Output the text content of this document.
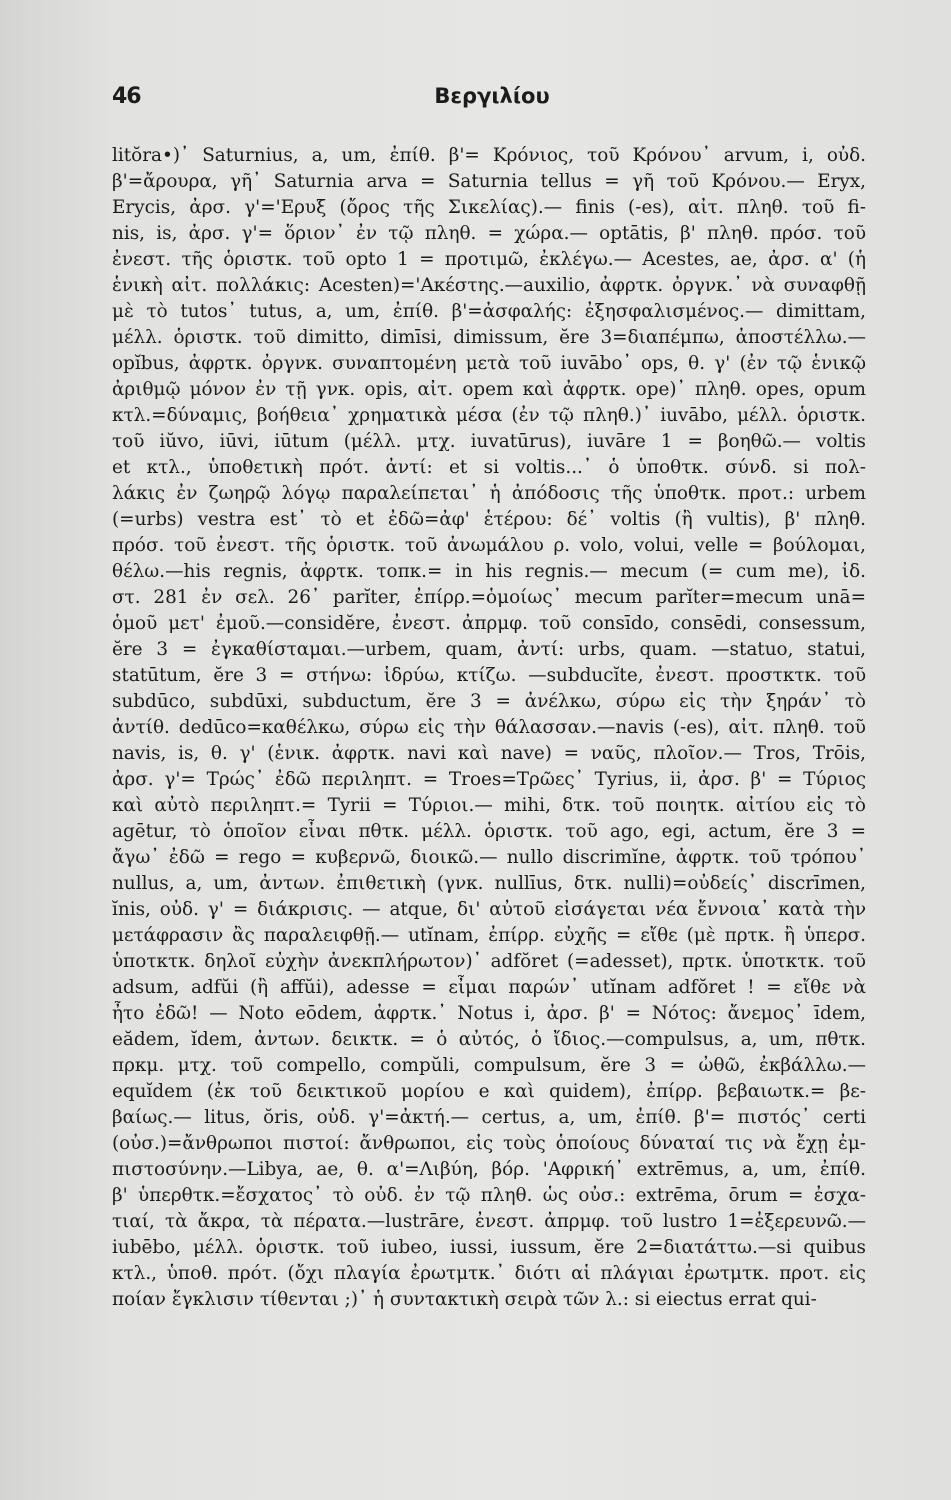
46	Βεργιλίου
litŏra•)᾿ Saturnius, a, um, ἐπίθ. β'= Κρόνιος, τοῦ Κρόνου᾿ arvum, i, οὐδ.
β'=ἄρουρα, γῆ᾿ Saturnia arva = Saturnia tellus = γῆ τοῦ Κρόνου.— Eryx,
Erycis, ἀρσ. γ'='Ερυξ (ὄρος τῆς Σικελίας).— finis (-es), αἰτ. πληθ. τοῦ fi-
nis, is, ἀρσ. γ'= ὅριον᾿ ἐν τῷ πληθ. = χώρα.— optātis, β' πληθ. πρόσ. τοῦ
ἐνεστ. τῆς ὁριστκ. τοῦ opto 1 = προτιμῶ, ἐκλέγω.— Acestes, ae, ἀρσ. α' (ἡ
ἑνικὴ αἰτ. πολλάκις: Acesten)='Ακέστης.—auxilio, ἀφρτκ. ὀργνκ.᾿ νὰ συναφθῇ
μὲ τὸ tutos᾿ tutus, a, um, ἐπίθ. β'=ἀσφαλής: ἐξησφαλισμένος.— dimittam,
μέλλ. ὁριστκ. τοῦ dimitto, dimīsi, dimissum, ĕre 3=διαπέμπω, ἀποστέλλω.—
opĭbus, ἀφρτκ. ὀργνκ. συναπτομένη μετὰ τοῦ iuvābo᾿ ops, θ. γ' (ἐν τῷ ἑνικῷ
ἀριθμῷ μόνον ἐν τῇ γνκ. opis, αἰτ. opem καὶ ἀφρτκ. ope)᾿ πληθ. opes, opum
κτλ.=δύναμις, βοήθεια᾿ χρηματικὰ μέσα (ἐν τῷ πληθ.)᾿ iuvābo, μέλλ. ὁριστκ.
τοῦ iŭvo, iūvi, iūtum (μέλλ. μτχ. iuvatūrus), iuvāre 1 = βοηθῶ.— voltis
et κτλ., ὑποθετικὴ πρότ. ἀντί: et si voltis...᾿ ὁ ὑποθτκ. σύνδ. si πολ-
λάκις ἐν ζωηρῷ λόγῳ παραλείπεται᾿ ἡ ἀπόδοσις τῆς ὑποθτκ. προτ.: urbem
(=urbs) vestra est᾿ τὸ et ἐδῶ=ἀφ' ἑτέρου: δέ᾿ voltis (ἢ vultis), β' πληθ.
πρόσ. τοῦ ἐνεστ. τῆς ὁριστκ. τοῦ ἀνωμάλου ρ. volo, volui, velle = βούλομαι,
θέλω.—his regnis, ἀφρτκ. τοπκ.= in his regnis.— mecum (= cum me), ἰδ.
στ. 281 ἐν σελ. 26᾿ parĭter, ἐπίρρ.=ὁμοίως᾿ mecum parĭter=mecum unā=
ὁμοῦ μετ' ἐμοῦ.—considĕre, ἐνεστ. ἀπρμφ. τοῦ consīdo, consēdi, consessum,
ĕre 3 = ἐγκαθίσταμαι.—urbem, quam, ἀντί: urbs, quam. —statuo, statui,
statūtum, ĕre 3 = στήνω: ἱδρύω, κτίζω. —subducĭte, ἐνεστ. προστκτκ. τοῦ
subdūco, subdūxi, subductum, ĕre 3 = ἀνέλκω, σύρω εἰς τὴν ξηράν᾿ τὸ
ἀντίθ. dedūco=καθέλκω, σύρω εἰς τὴν θάλασσαν.—navis (-es), αἰτ. πληθ. τοῦ
navis, is, θ. γ' (ἑνικ. ἀφρτκ. navi καὶ nave) = ναῦς, πλοῖον.— Tros, Trōis,
ἀρσ. γ'= Τρώς᾿ ἐδῶ περιληπτ. = Troes=Τρῶες᾿ Tyrius, ii, ἀρσ. β' = Τύριος
καὶ αὐτὸ περιληπτ.= Tyrii = Τύριοι.— mihi, δτκ. τοῦ ποιητκ. αἰτίου εἰς τὸ
agētur, τὸ ὁποῖον εἶναι πθτκ. μέλλ. ὁριστκ. τοῦ ago, egi, actum, ĕre 3 =
ἄγω᾿ ἐδῶ = rego = κυβερνῶ, διοικῶ.— nullo discrimĭne, ἀφρτκ. τοῦ τρόπου᾿
nullus, a, um, ἀντων. ἐπιθετικὴ (γνκ. nullīus, δτκ. nulli)=οὐδείς᾿ discrīmen,
ĭnis, οὐδ. γ' = διάκρισις. — atque, δι' αὐτοῦ εἰσάγεται νέα ἔννοια᾿ κατὰ τὴν
μετάφρασιν ἂς παραλειφθῇ.— utĭnam, ἐπίρρ. εὐχῆς = εἴθε (μὲ πρτκ. ἢ ὑπερσ.
ὑποτκτκ. δηλοῖ εὐχὴν ἀνεκπλήρωτον)᾿ adfŏret (=adesset), πρτκ. ὑποτκτκ. τοῦ
adsum, adfŭi (ἢ affŭi), adesse = εἶμαι παρών᾿ utĭnam adfŏret ! = εἴθε νὰ
ἦτο ἐδῶ! — Noto eōdem, ἀφρτκ.᾿ Notus i, ἀρσ. β' = Νότος: ἄνεμος᾿ īdem,
eădem, ĭdem, ἀντων. δεικτκ. = ὁ αὐτός, ὁ ἴδιος.—compulsus, a, um, πθτκ.
πρκμ. μτχ. τοῦ compello, compŭli, compulsum, ĕre 3 = ὠθῶ, ἐκβάλλω.—
equĭdem (ἐκ τοῦ δεικτικοῦ μορίου e καὶ quidem), ἐπίρρ. βεβαιωτκ.= βε-
βαίως.— litus, ŏris, οὐδ. γ'=ἀκτή.— certus, a, um, ἐπίθ. β'= πιστός᾿ certi
(οὐσ.)=ἄνθρωποι πιστοί: ἄνθρωποι, εἰς τοὺς ὁποίους δύναταί τις νὰ ἔχῃ ἐμ-
πιστοσύνην.—Libya, ae, θ. α'=Λιβύη, βόρ. 'Αφρική᾿ extrēmus, a, um, ἐπίθ.
β' ὑπερθτκ.=ἔσχατος᾿ τὸ οὐδ. ἐν τῷ πληθ. ὡς οὐσ.: extrēma, ōrum = ἐσχα-
τιαί, τὰ ἄκρα, τὰ πέρατα.—lustrāre, ἐνεστ. ἀπρμφ. τοῦ lustro 1=ἐξερευνῶ.—
iubēbo, μέλλ. ὁριστκ. τοῦ iubeo, iussi, iussum, ĕre 2=διατάττω.—si quibus
κτλ., ὑποθ. πρότ. (ὄχι πλαγία ἐρωτμτκ.᾿ διότι αἱ πλάγιαι ἐρωτμτκ. προτ. εἰς
ποίαν ἔγκλισιν τίθενται ;)᾿ ἡ συντακτικὴ σειρὰ τῶν λ.: si eiectus errat qui-
